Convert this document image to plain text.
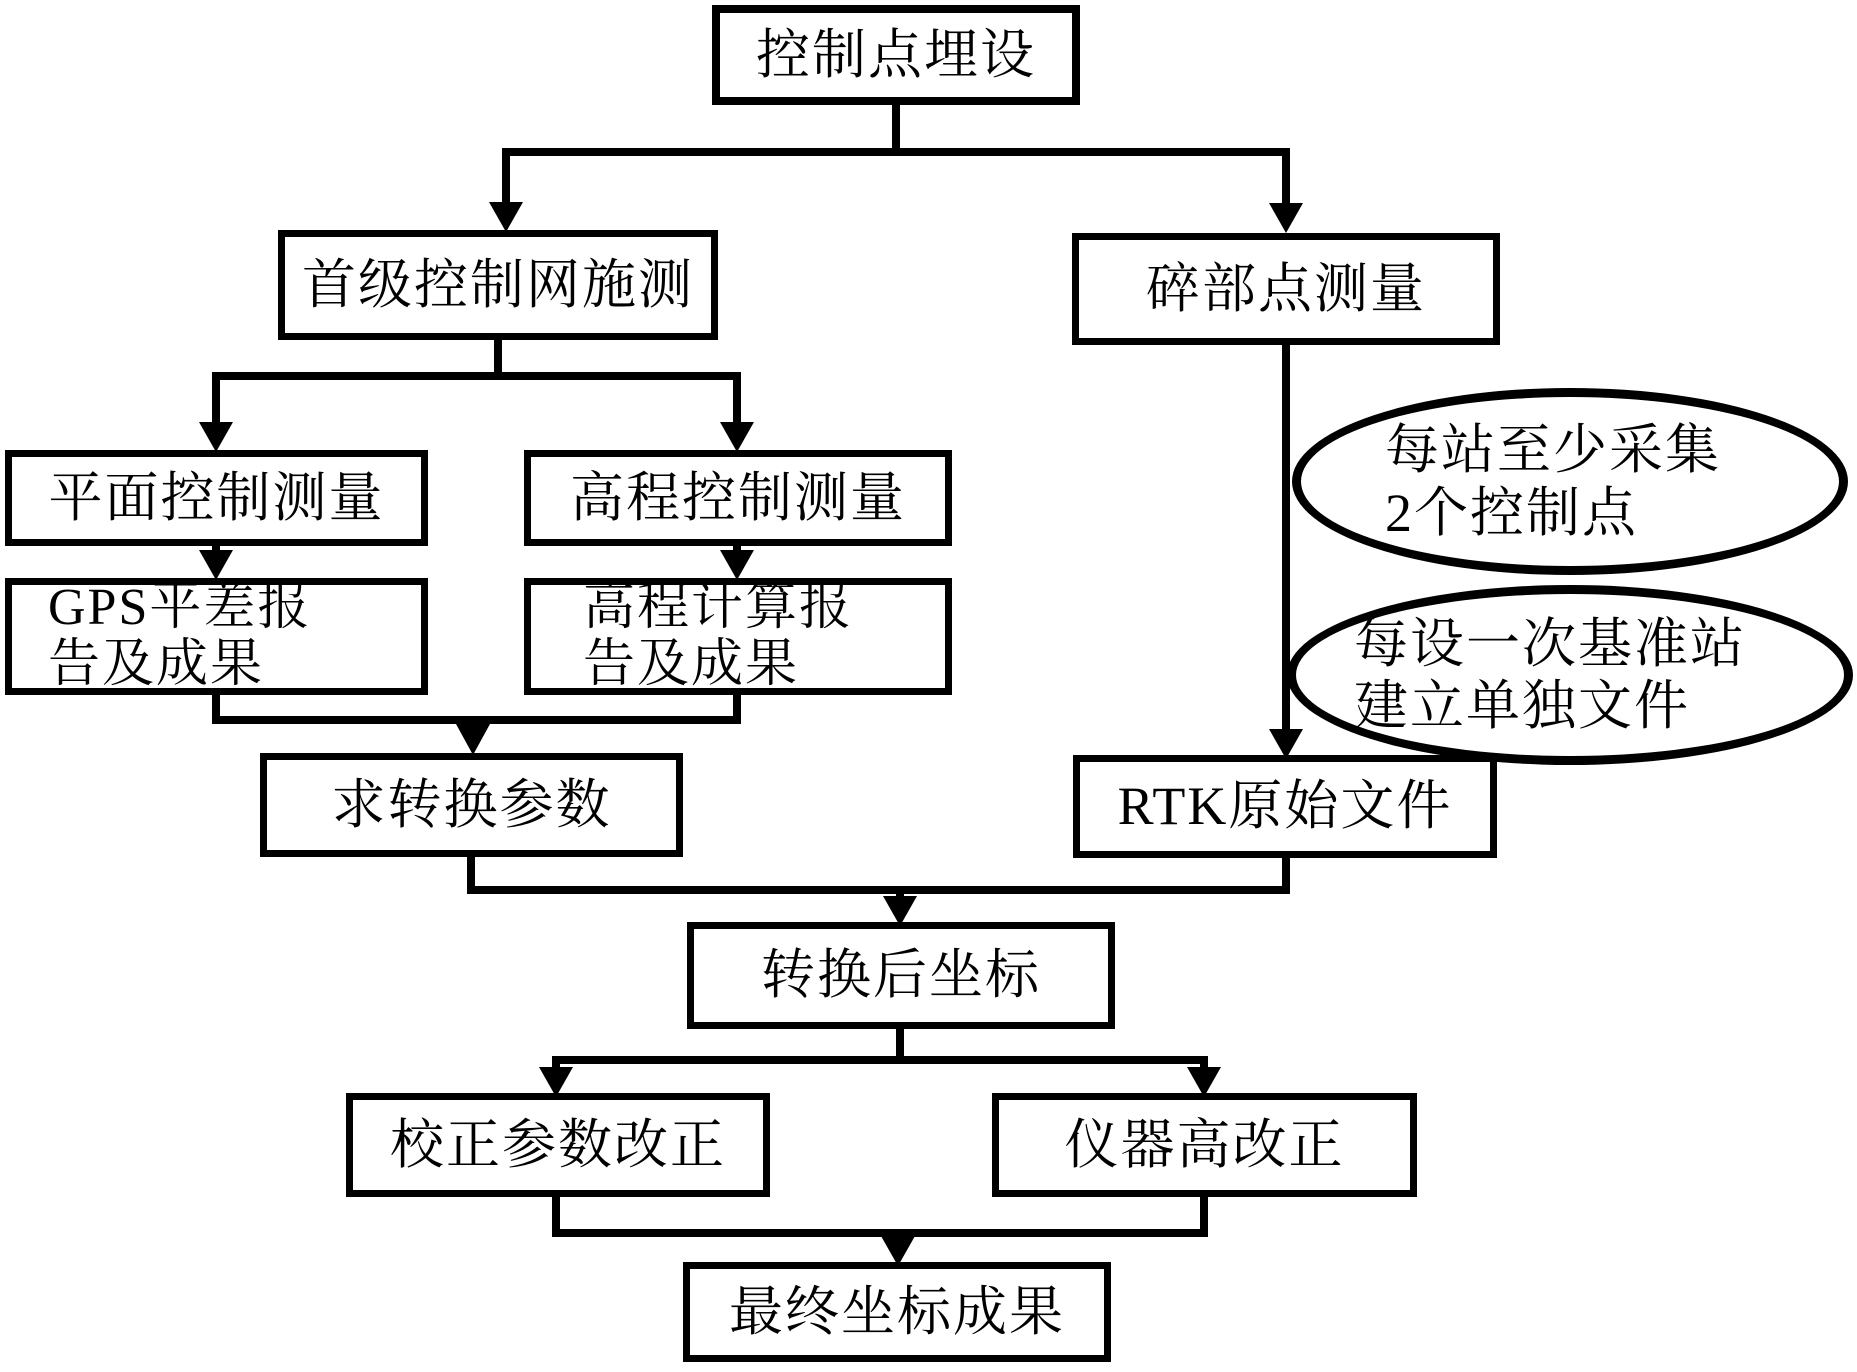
控制点埋设
首级控制网施测	碎部点测量
平面控制测量	高程控制测量
GPS平差报
告及成果
高程计算报
告及成果
求转换参数	RTK原始文件
每站至少采集
2个控制点
每设一次基准站
建立单独文件
转换后坐标
校正参数改正	仪器高改正
最终坐标成果
